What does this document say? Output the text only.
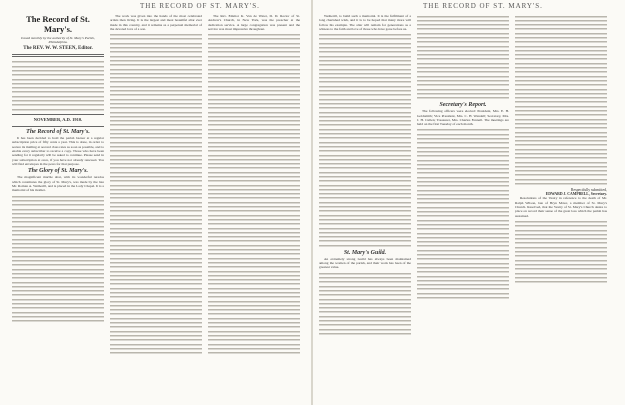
THE RECORD OF ST. MARY'S.
The Record of St. Mary's.
Issued monthly by the authority of St. Mary's Parish, Philadelphia.
The REV. W. W. STEEN, Editor.
NOVEMBER, A.D. 1910.
The Record of St. Mary's.

It has been decided to hold the parish bazaar at a regular subscription price of fifty cents a year. This is done, in order to secure its mailing at second class rates as soon as possible, and to enable every subscriber to receive a copy. Those who have been sending for it regularly will be asked to continue. Please send in your subscription at once, if you have not already renewed. You will find envelopes in the pews for that purpose.

The Glory of St. Mary's.

The magnificent marble altar, with its wonderful reredos which constitutes the glory of St. Mary's, was made by the late Mr. Roman A. Wetherill, and is placed in the Lady Chapel. It is a memorial of his mother.

The work was given into the hands of the most celebrated artists then living. It is the largest and most beautiful altar ever made in this country, and it remains as a perpetual memorial of the devoted love of a son.

The Rev. Emmor K. Van de Water, D. D. Rector of St. Andrew's Church, in New York, was the preacher at the dedication service. A large congregation was present and the service was most impressive throughout.

THE RECORD OF ST. MARY'S.

Wetherill, to build such a memorial. It is the fulfilment of a long cherished wish, and it is to be hoped that many more will follow his example. The altar will remain for generations as a witness to the faith and love of those who have gone before us.

St. Mary's Guild.

An extremely strong Guild has always been maintained among the women of the parish, and their work has been of the greatest value.

Secretary's Report.

The following officers were elected: President, Mrs. E. H. Goldsmith; Vice President, Mrs. C. H. Wendell; Secretary, Mrs. J. H. Cullen; Treasurer, Mrs. Charles Fennell. The meetings are held on the first Tuesday of each month.

Respectfully submitted,
EDWARD J. CAMPBELL, Secretary.

Resolutions of the Vestry in reference to the death of Mr. Ralph Wilson, late of Bryn Mawr, a member of St. Mary's Church. Resolved, that the Vestry of St. Mary's Church desire to place on record their sense of the great loss which the parish has sustained.
